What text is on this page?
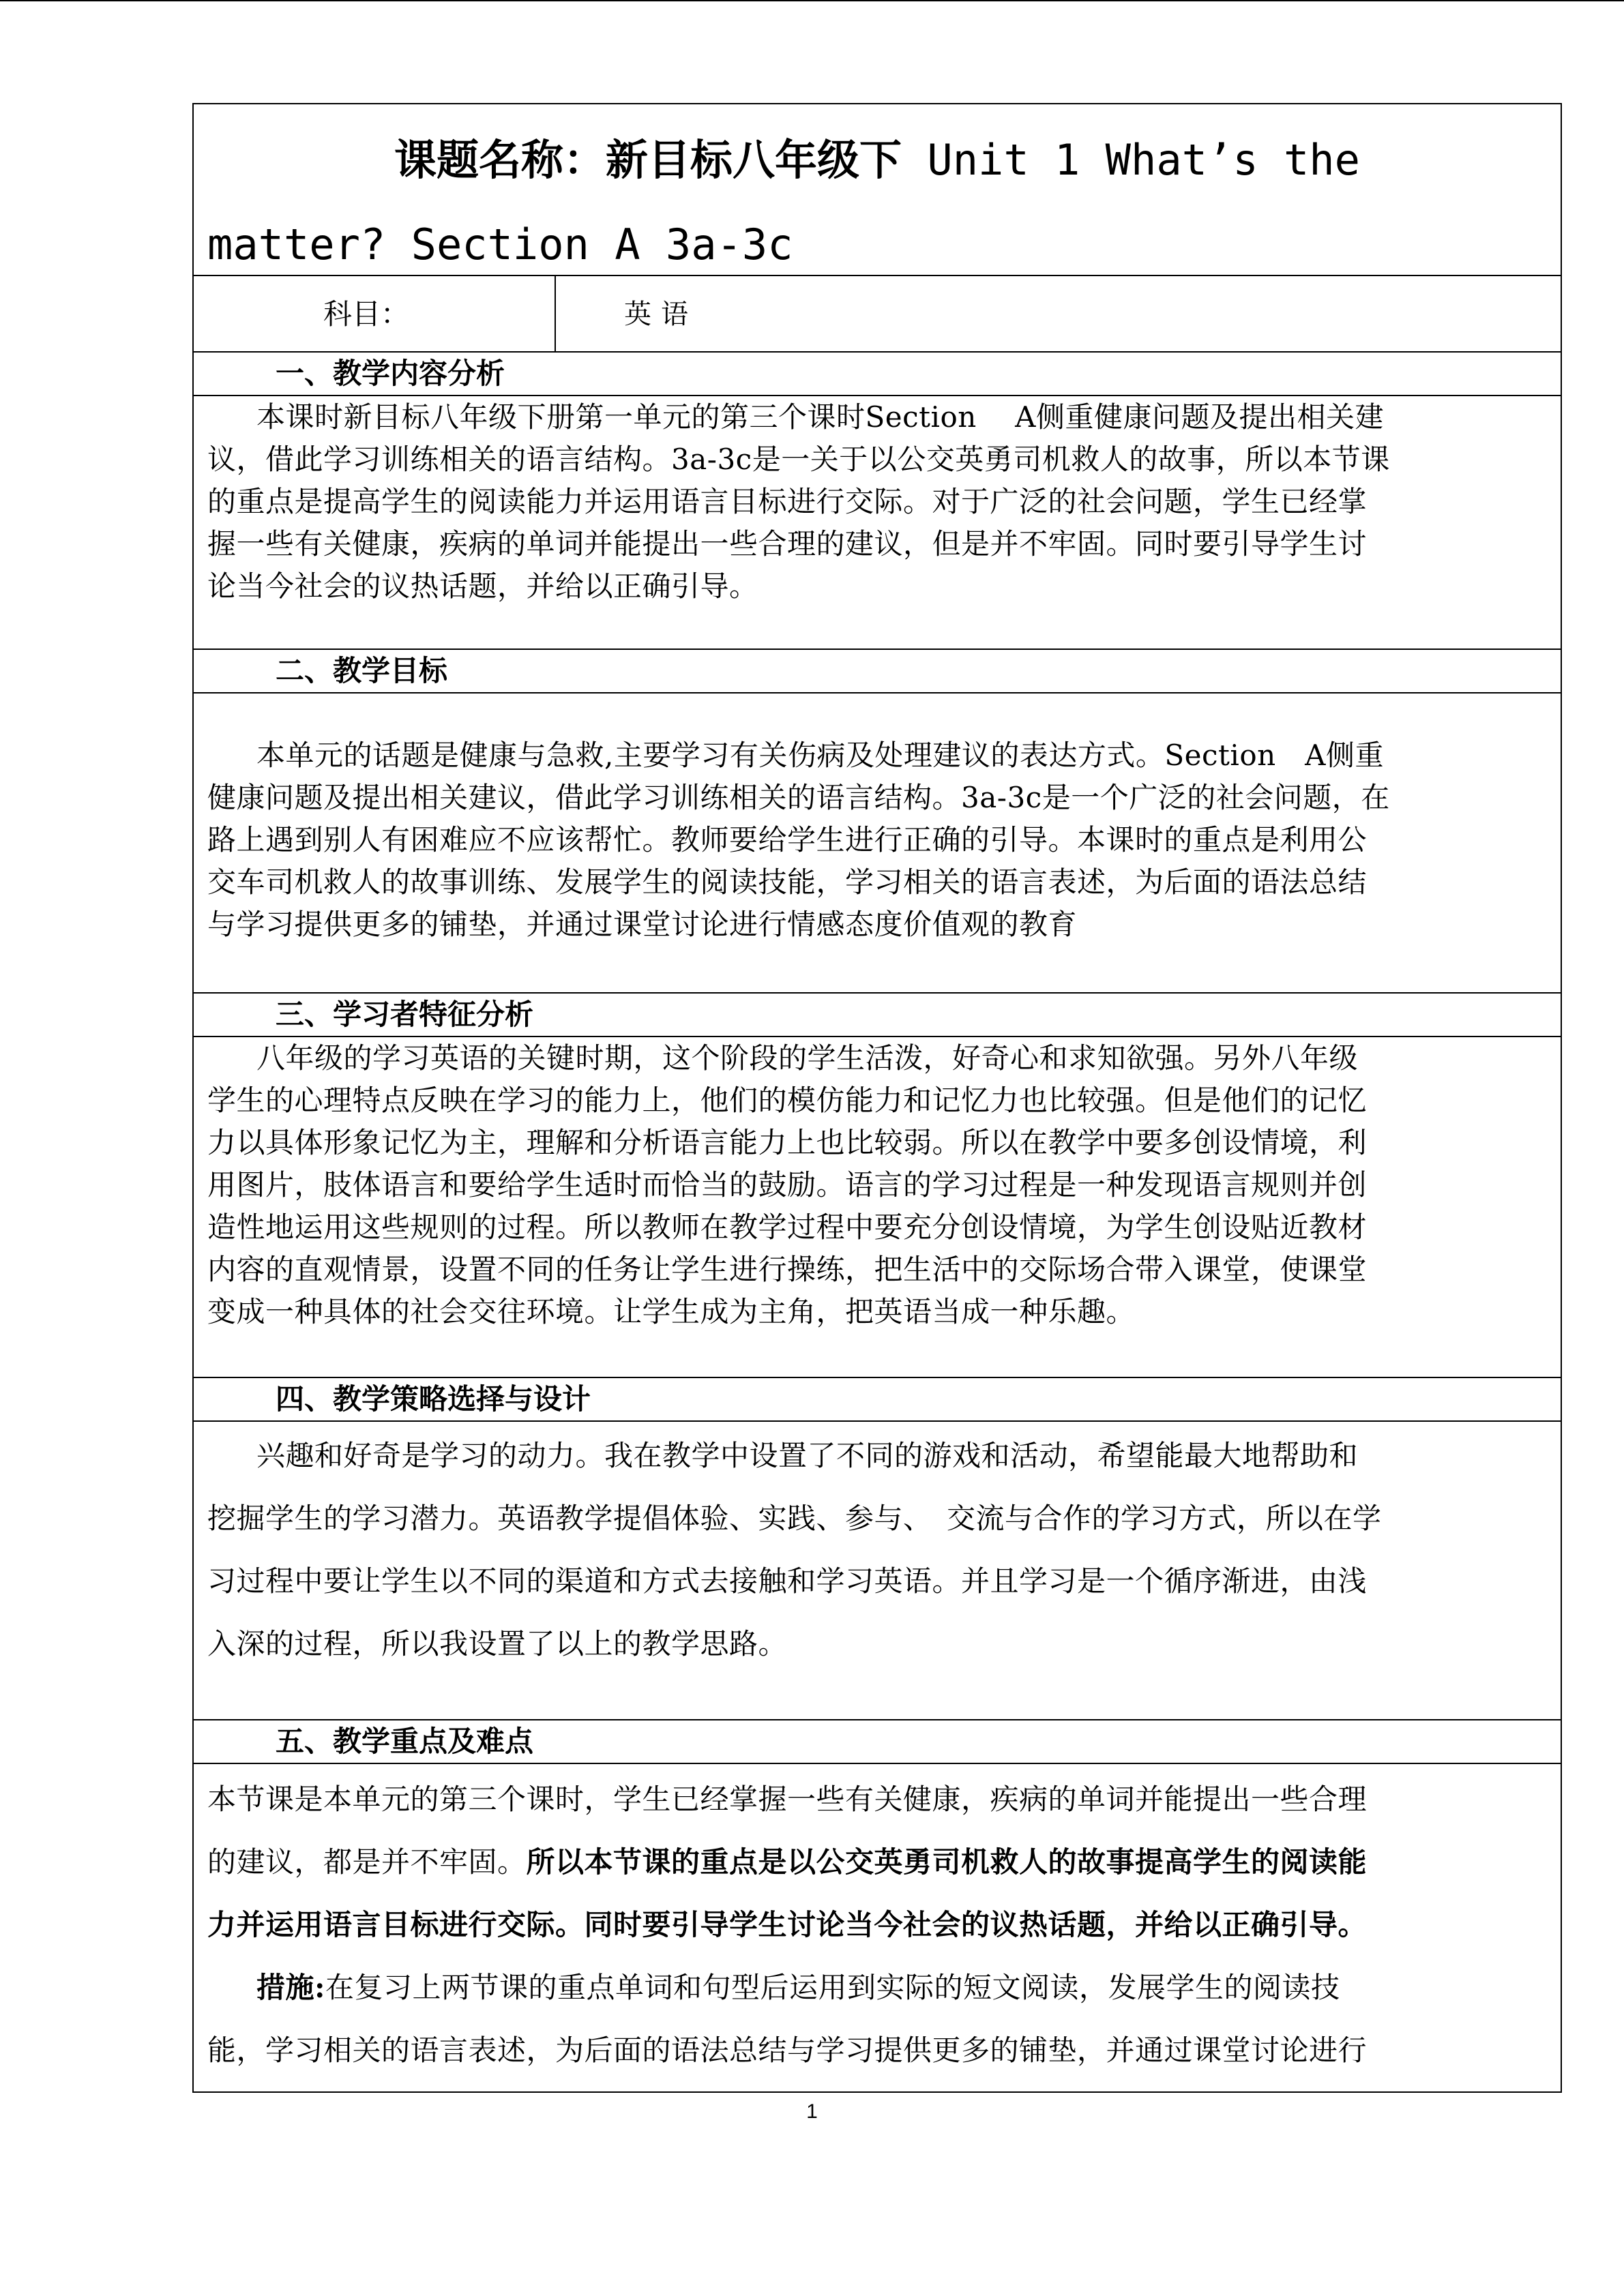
课题名称：新目标八年级下 Unit 1 What’s the
matter? Section A 3a-3c
科目：	英语
一、教学内容分析

本课时新目标八年级下册第一单元的第三个课时Section　 A侧重健康问题及提出相关建

议，借此学习训练相关的语言结构。3a-3c是一关于以公交英勇司机救人的故事，所以本节课

的重点是提高学生的阅读能力并运用语言目标进行交际。对于广泛的社会问题，学生已经掌

握一些有关健康，疾病的单词并能提出一些合理的建议，但是并不牢固。同时要引导学生讨

论当今社会的议热话题，并给以正确引导。

二、教学目标

本单元的话题是健康与急救,主要学习有关伤病及处理建议的表达方式。Section　A侧重

健康问题及提出相关建议，借此学习训练相关的语言结构。3a-3c是一个广泛的社会问题，在

路上遇到别人有困难应不应该帮忙。教师要给学生进行正确的引导。本课时的重点是利用公

交车司机救人的故事训练、发展学生的阅读技能，学习相关的语言表述，为后面的语法总结

与学习提供更多的铺垫，并通过课堂讨论进行情感态度价值观的教育

三、学习者特征分析

八年级的学习英语的关键时期，这个阶段的学生活泼，好奇心和求知欲强。另外八年级

学生的心理特点反映在学习的能力上，他们的模仿能力和记忆力也比较强。但是他们的记忆

力以具体形象记忆为主，理解和分析语言能力上也比较弱。所以在教学中要多创设情境，利

用图片，肢体语言和要给学生适时而恰当的鼓励。语言的学习过程是一种发现语言规则并创

造性地运用这些规则的过程。所以教师在教学过程中要充分创设情境，为学生创设贴近教材

内容的直观情景，设置不同的任务让学生进行操练，把生活中的交际场合带入课堂，使课堂

变成一种具体的社会交往环境。让学生成为主角，把英语当成一种乐趣。

四、教学策略选择与设计

兴趣和好奇是学习的动力。我在教学中设置了不同的游戏和活动，希望能最大地帮助和

挖掘学生的学习潜力。英语教学提倡体验、实践、参与、　交流与合作的学习方式，所以在学

习过程中要让学生以不同的渠道和方式去接触和学习英语。并且学习是一个循序渐进，由浅

入深的过程，所以我设置了以上的教学思路。

五、教学重点及难点

本节课是本单元的第三个课时，学生已经掌握一些有关健康，疾病的单词并能提出一些合理

的建议，都是并不牢固。所以本节课的重点是以公交英勇司机救人的故事提高学生的阅读能

力并运用语言目标进行交际。同时要引导学生讨论当今社会的议热话题，并给以正确引导。

措施:在复习上两节课的重点单词和句型后运用到实际的短文阅读，发展学生的阅读技

能，学习相关的语言表述，为后面的语法总结与学习提供更多的铺垫，并通过课堂讨论进行

1
